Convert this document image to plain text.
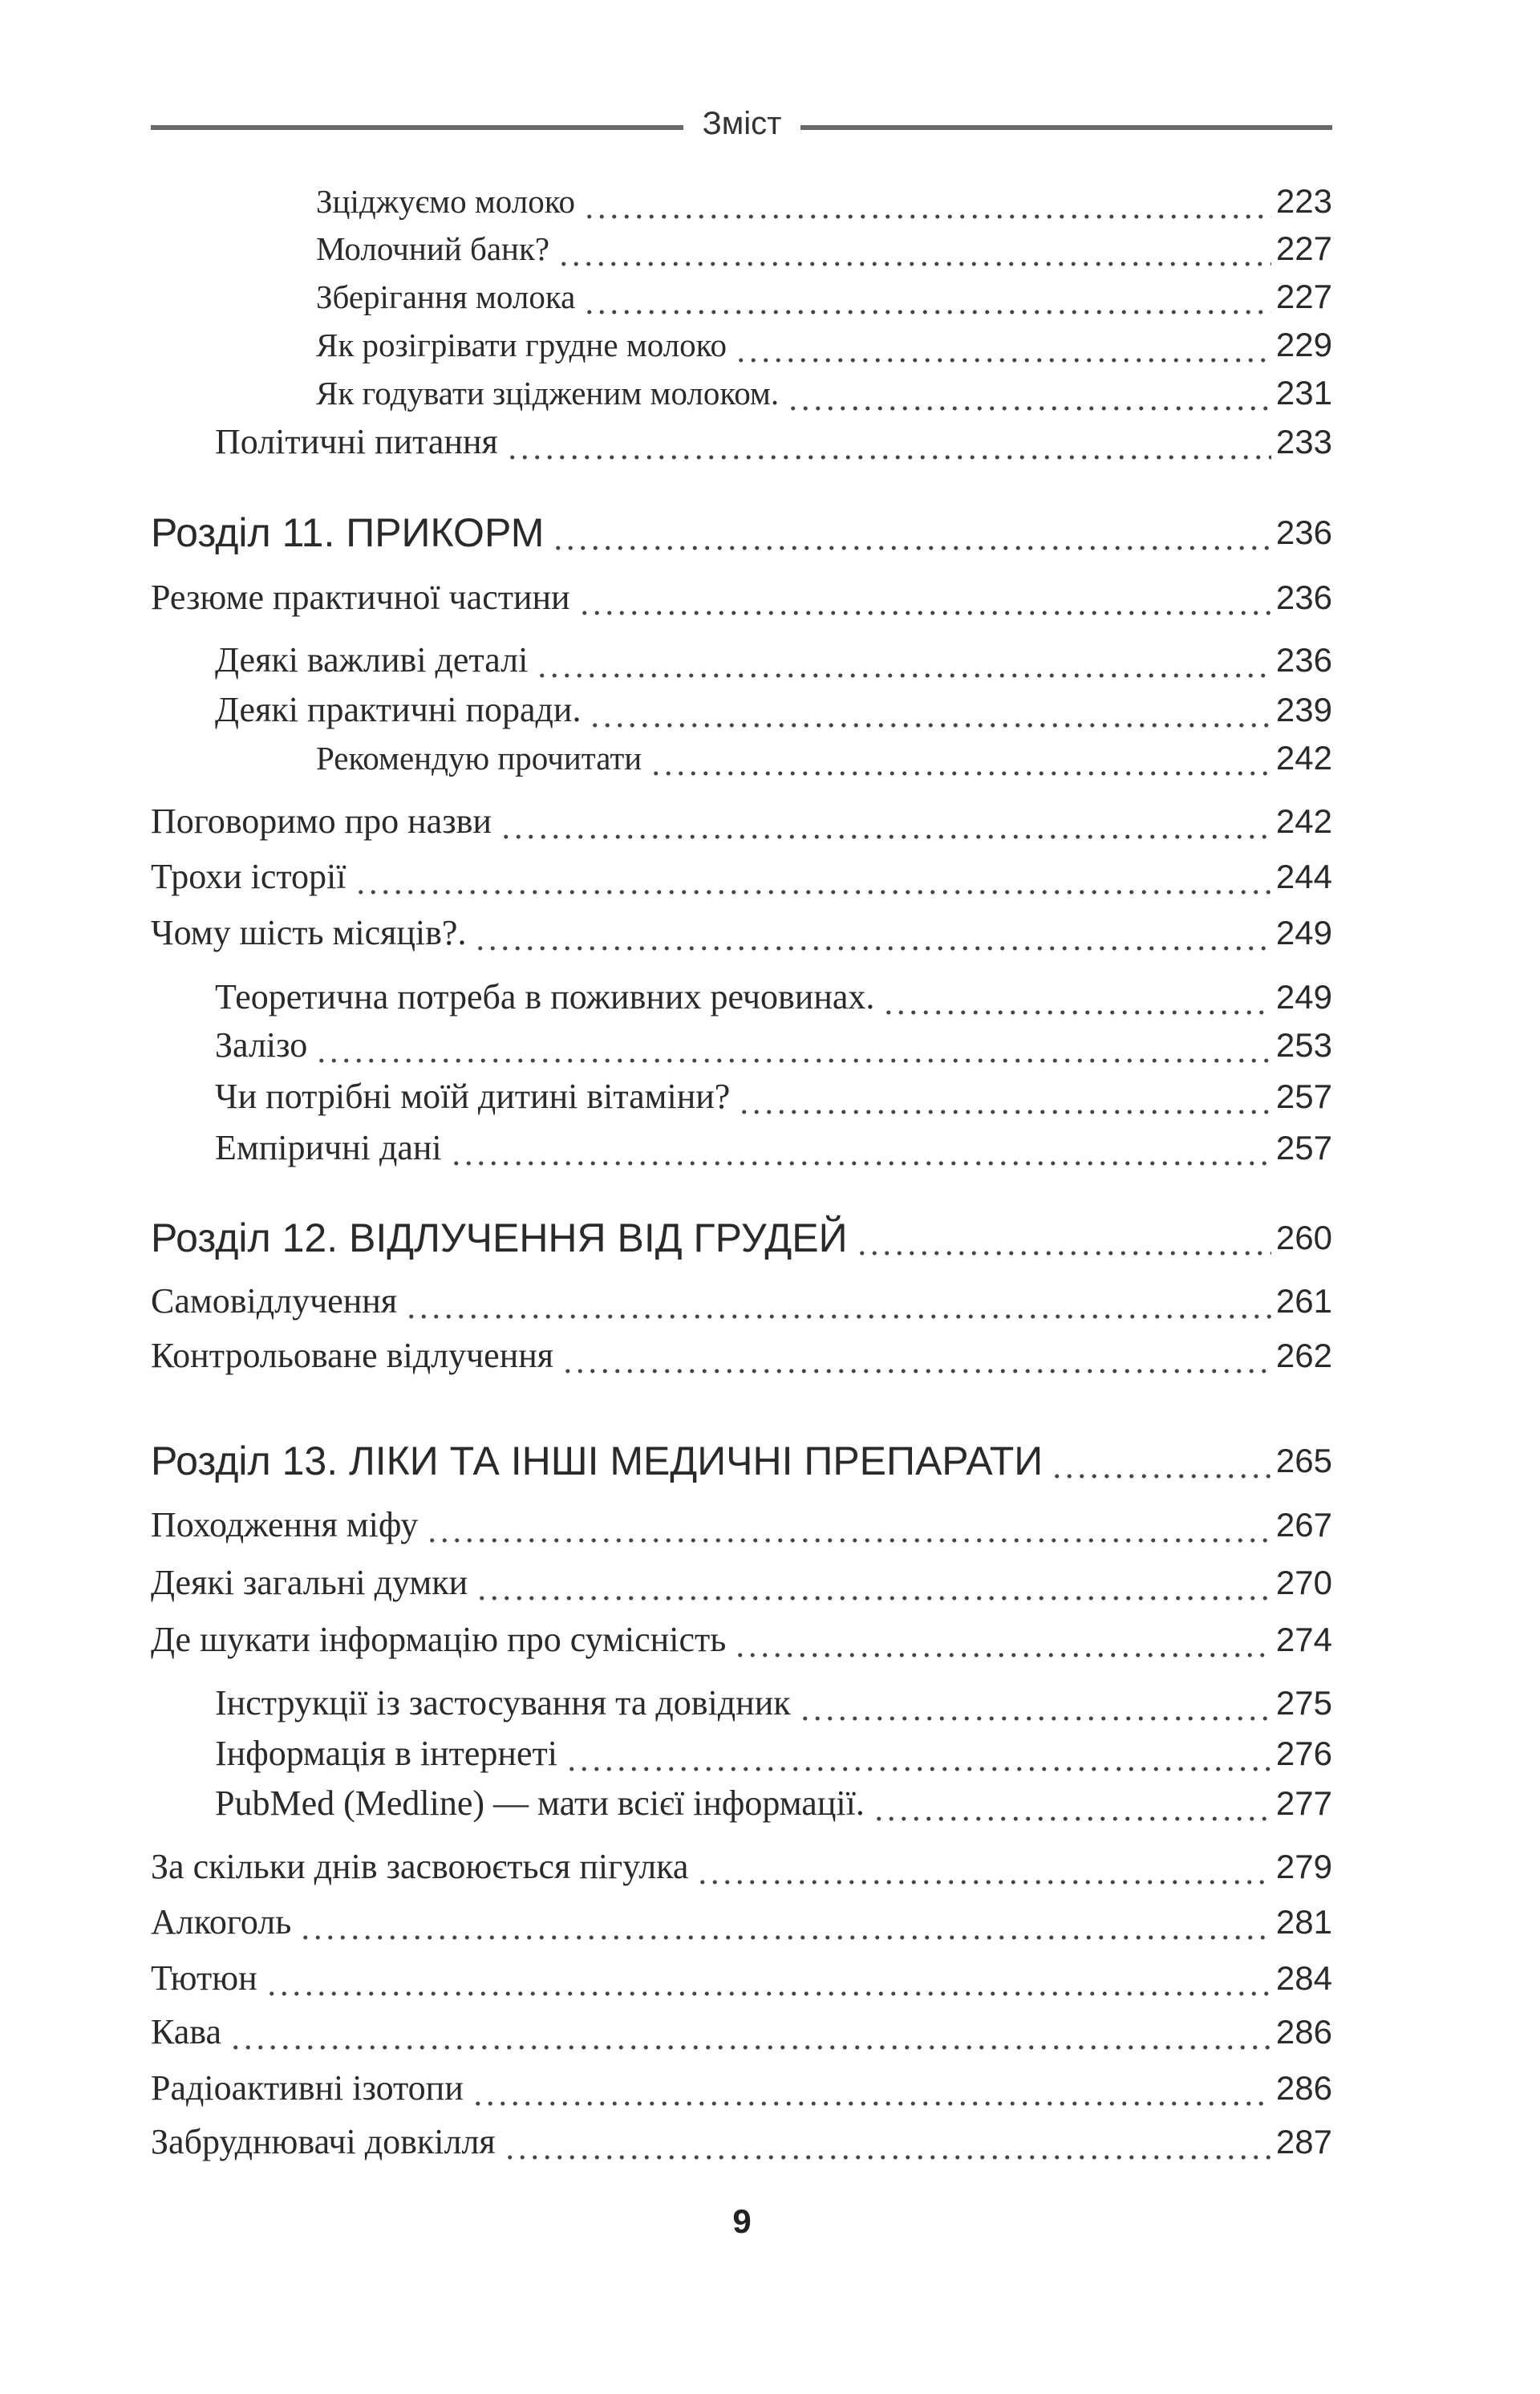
Зміст
Зціджуємо молоко	223
Молочний банк?	227
Зберігання молока	227
Як розігрівати грудне молоко	229
Як годувати зцідженим молоком.	231
Політичні питання	233
Розділ 11. ПРИКОРМ	236
Резюме практичної частини	236
Деякі важливі деталі	236
Деякі практичні поради.	239
Рекомендую прочитати	242
Поговоримо про назви	242
Трохи історії	244
Чому шість місяців?.	249
Теоретична потреба в поживних речовинах.	249
Залізо	253
Чи потрібні моїй дитині вітаміни?	257
Емпіричні дані	257
Розділ 12. ВІДЛУЧЕННЯ ВІД ГРУДЕЙ	260
Самовідлучення	261
Контрольоване відлучення	262
Розділ 13. ЛІКИ ТА ІНШІ МЕДИЧНІ ПРЕПАРАТИ	265
Походження міфу	267
Деякі загальні думки	270
Де шукати інформацію про сумісність	274
Інструкції із застосування та довідник	275
Інформація в інтернеті	276
PubMed (Medline) — мати всієї інформації.	277
За скільки днів засвоюється пігулка	279
Алкоголь	281
Тютюн	284
Кава	286
Радіоактивні ізотопи	286
Забруднювачі довкілля	287
9
